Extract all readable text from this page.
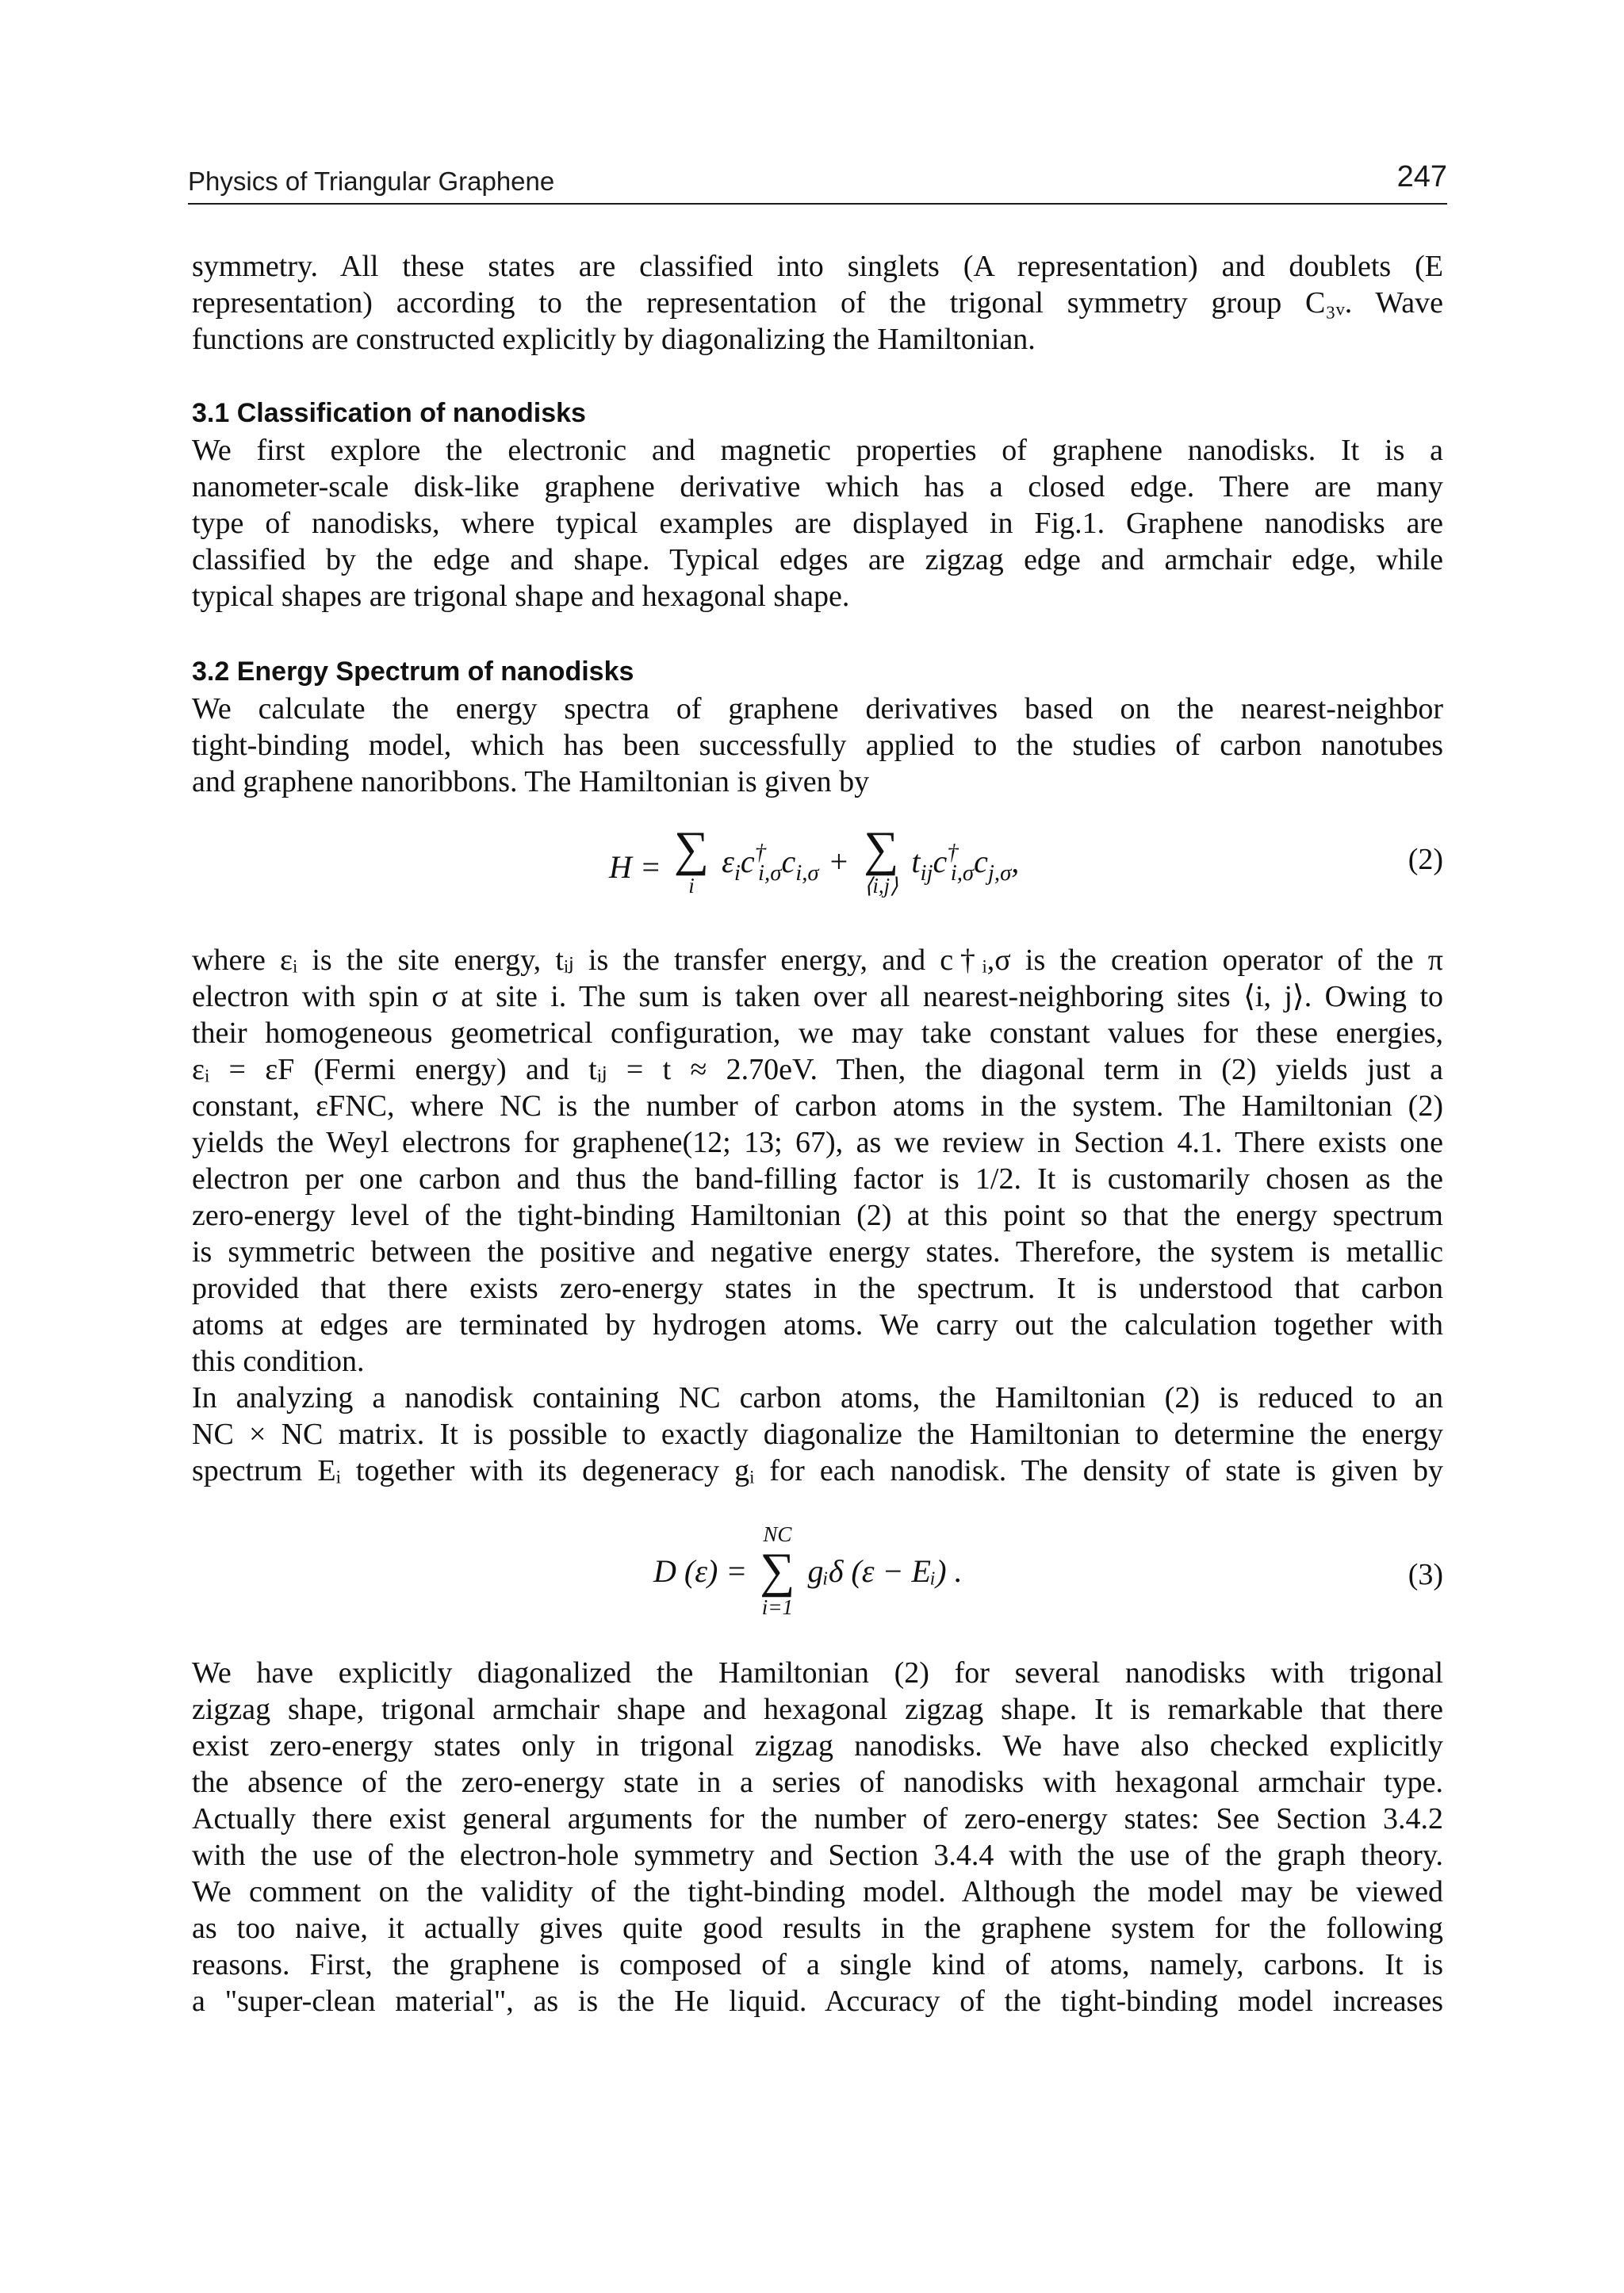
Physics of Triangular Graphene	247
symmetry. All these states are classified into singlets (A representation) and doublets (E
representation) according to the representation of the trigonal symmetry group C₃ᵥ. Wave
functions are constructed explicitly by diagonalizing the Hamiltonian.
3.1 Classification of nanodisks
We first explore the electronic and magnetic properties of graphene nanodisks. It is a
nanometer-scale disk-like graphene derivative which has a closed edge. There are many
type of nanodisks, where typical examples are displayed in Fig.1. Graphene nanodisks are
classified by the edge and shape. Typical edges are zigzag edge and armchair edge, while
typical shapes are trigonal shape and hexagonal shape.
3.2 Energy Spectrum of nanodisks
We calculate the energy spectra of graphene derivatives based on the nearest-neighbor
tight-binding model, which has been successfully applied to the studies of carbon nanotubes
and graphene nanoribbons. The Hamiltonian is given by
H = ∑
i
$\varepsilon_ic^\dagger_{i,\sigma}c_{i,\sigma}$ + ∑
⟨i,j⟩
$t_{ij}c^\dagger_{i,\sigma}c_{j,\sigma}$,	(2)
where εᵢ is the site energy, tᵢⱼ is the transfer energy, and c†ᵢ,σ is the creation operator of the π
electron with spin σ at site i. The sum is taken over all nearest-neighboring sites ⟨i, j⟩. Owing to
their homogeneous geometrical configuration, we may take constant values for these energies,
εᵢ = εF (Fermi energy) and tᵢⱼ = t ≈ 2.70eV. Then, the diagonal term in (2) yields just a
constant, εFNC, where NC is the number of carbon atoms in the system. The Hamiltonian (2)
yields the Weyl electrons for graphene(12; 13; 67), as we review in Section 4.1. There exists one
electron per one carbon and thus the band-filling factor is 1/2. It is customarily chosen as the
zero-energy level of the tight-binding Hamiltonian (2) at this point so that the energy spectrum
is symmetric between the positive and negative energy states. Therefore, the system is metallic
provided that there exists zero-energy states in the spectrum. It is understood that carbon
atoms at edges are terminated by hydrogen atoms. We carry out the calculation together with
this condition.
In analyzing a nanodisk containing NC carbon atoms, the Hamiltonian (2) is reduced to an
NC × NC matrix. It is possible to exactly diagonalize the Hamiltonian to determine the energy
spectrum Eᵢ together with its degeneracy gᵢ for each nanodisk. The density of state is given by
D (ε) =
NC
∑
i=1
gᵢδ (ε − Eᵢ) .	(3)
We have explicitly diagonalized the Hamiltonian (2) for several nanodisks with trigonal
zigzag shape, trigonal armchair shape and hexagonal zigzag shape. It is remarkable that there
exist zero-energy states only in trigonal zigzag nanodisks. We have also checked explicitly
the absence of the zero-energy state in a series of nanodisks with hexagonal armchair type.
Actually there exist general arguments for the number of zero-energy states: See Section 3.4.2
with the use of the electron-hole symmetry and Section 3.4.4 with the use of the graph theory.
We comment on the validity of the tight-binding model. Although the model may be viewed
as too naive, it actually gives quite good results in the graphene system for the following
reasons. First, the graphene is composed of a single kind of atoms, namely, carbons. It is
a "super-clean material", as is the He liquid. Accuracy of the tight-binding model increases
